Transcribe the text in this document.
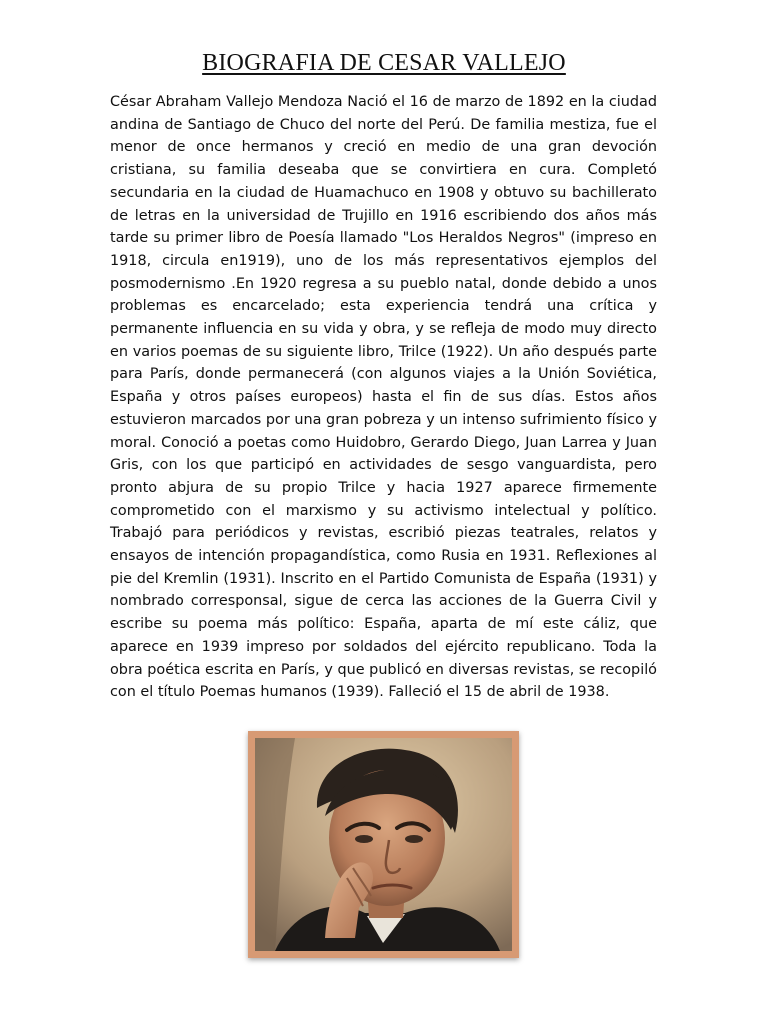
BIOGRAFIA DE CESAR VALLEJO
César Abraham Vallejo Mendoza Nació el 16 de marzo de 1892 en la ciudad andina de Santiago de Chuco del norte del Perú. De familia mestiza, fue el menor de once hermanos y creció en medio de una gran devoción cristiana, su familia deseaba que se convirtiera en cura. Completó secundaria en la ciudad de Huamachuco en 1908 y obtuvo su bachillerato de letras en la universidad de Trujillo en 1916 escribiendo dos años más tarde su primer libro de Poesía llamado "Los Heraldos Negros" (impreso en 1918, circula en1919), uno de los más representativos ejemplos del posmodernismo .En 1920 regresa a su pueblo natal, donde debido a unos problemas es encarcelado; esta experiencia tendrá una crítica y permanente influencia en su vida y obra, y se refleja de modo muy directo en varios poemas de su siguiente libro, Trilce (1922). Un año después parte para París, donde permanecerá (con algunos viajes a la Unión Soviética, España y otros países europeos) hasta el fin de sus días. Estos años estuvieron marcados por una gran pobreza y un intenso sufrimiento físico y moral. Conoció a poetas como Huidobro, Gerardo Diego, Juan Larrea y Juan Gris, con los que participó en actividades de sesgo vanguardista, pero pronto abjura de su propio Trilce y hacia 1927 aparece firmemente comprometido con el marxismo y su activismo intelectual y político. Trabajó para periódicos y revistas, escribió piezas teatrales, relatos y ensayos de intención propagandística, como Rusia en 1931. Reflexiones al pie del Kremlin (1931). Inscrito en el Partido Comunista de España (1931) y nombrado corresponsal, sigue de cerca las acciones de la Guerra Civil y escribe su poema más político: España, aparta de mí este cáliz, que aparece en 1939 impreso por soldados del ejército republicano. Toda la obra poética escrita en París, y que publicó en diversas revistas, se recopiló con el título Poemas humanos (1939). Falleció el 15 de abril de 1938.
